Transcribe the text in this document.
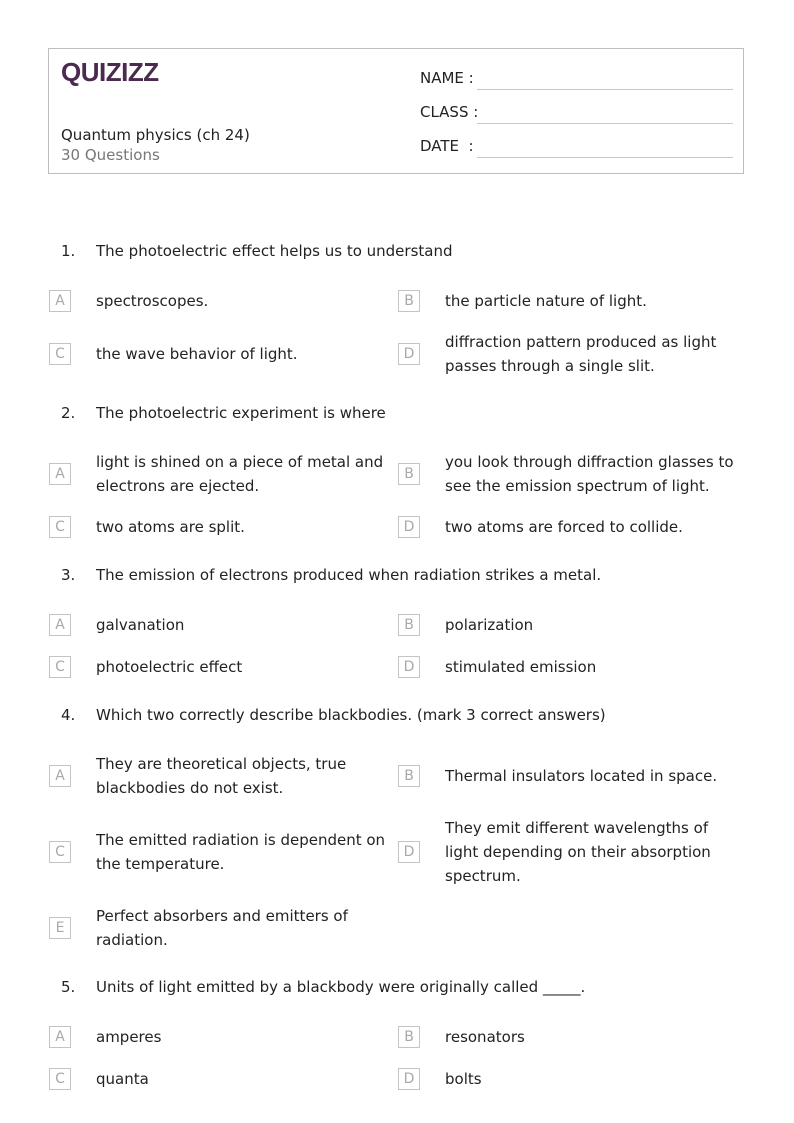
QUIZIZZ
Quantum physics (ch 24)
30 Questions
NAME :
CLASS :
DATE  :
1. The photoelectric effect helps us to understand
A	spectroscopes.	B	the particle nature of light.
C	the wave behavior of light.	D
diffraction pattern produced as light passes through a single slit.
2. The photoelectric experiment is where
A
light is shined on a piece of metal and electrons are ejected.
B
you look through diffraction glasses to see the emission spectrum of light.
C	two atoms are split.	D	two atoms are forced to collide.
3. The emission of electrons produced when radiation strikes a metal.
A	galvanation	B	polarization
C	photoelectric effect	D	stimulated emission
4. Which two correctly describe blackbodies. (mark 3 correct answers)
A
They are theoretical objects, true blackbodies do not exist.
B	Thermal insulators located in space.
C
The emitted radiation is dependent on the temperature.
D
They emit different wavelengths of light depending on their absorption spectrum.
E
Perfect absorbers and emitters of radiation.
5. Units of light emitted by a blackbody were originally called _____.
A	amperes	B	resonators
C	quanta	D	bolts
